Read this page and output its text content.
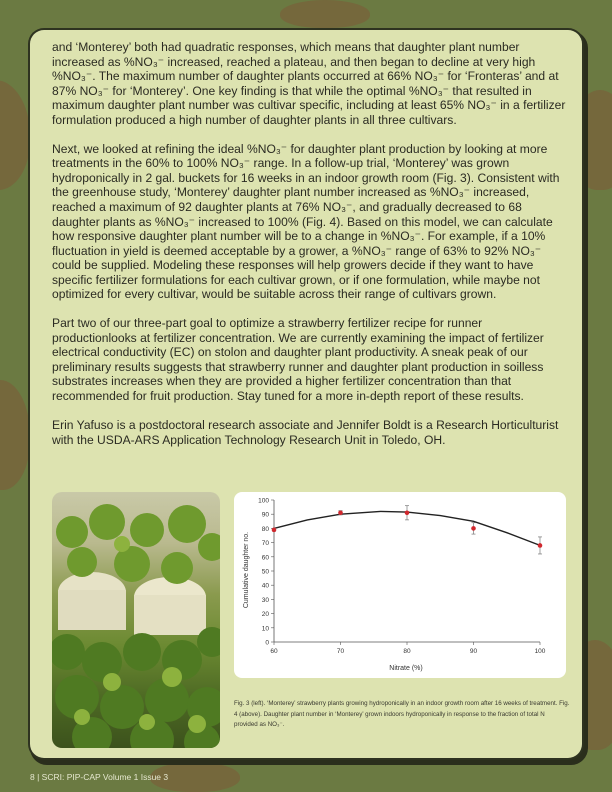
and ‘Monterey’ both had quadratic responses, which means that daughter plant number increased as %NO₃⁻ increased, reached a plateau, and then began to decline at very high %NO₃⁻. The maximum number of daughter plants occurred at 66% NO₃⁻ for ‘Fronteras’ and at 87% NO₃⁻ for ‘Monterey’. One key finding is that while the optimal %NO₃⁻ that resulted in maximum daughter plant number was cultivar specific, including at least 65% NO₃⁻ in a fertilizer formulation produced a high number of daughter plants in all three cultivars.

Next, we looked at refining the ideal %NO₃⁻ for daughter plant production by looking at more treatments in the 60% to 100% NO₃⁻ range. In a follow-up trial, ‘Monterey’ was grown hydroponically in 2 gal. buckets for 16 weeks in an indoor growth room (Fig. 3). Consistent with the greenhouse study, ‘Monterey’ daughter plant number increased as %NO₃⁻ increased, reached a maximum of 92 daughter plants at 76% NO₃⁻, and gradually decreased to 68 daughter plants as %NO₃⁻ increased to 100% (Fig. 4). Based on this model, we can calculate how responsive daughter plant number will be to a change in %NO₃⁻. For example, if a 10% fluctuation in yield is deemed acceptable by a grower, a %NO₃⁻ range of 63% to 92% NO₃⁻ could be supplied. Modeling these responses will help growers decide if they want to have specific fertilizer formulations for each cultivar grown, or if one formulation, while maybe not optimized for every cultivar, would be suitable across their range of cultivars grown.

Part two of our three-part goal to optimize a strawberry fertilizer recipe for runner productionlooks at fertilizer concentration. We are currently examining the impact of fertilizer electrical conductivity (EC) on stolon and daughter plant productivity. A sneak peak of our preliminary results suggests that strawberry runner and daughter plant production in soilless substrates increases when they are provided a higher fertilizer concentration than that recommended for fruit production. Stay tuned for a more in-depth report of these results.

Erin Yafuso is a postdoctoral research associate and Jennifer Boldt is a Research Horticulturist with the USDA-ARS Application Technology Research Unit in Toledo, OH.

0
10
20
30
40
50
60
70
80
90
100
60	70	80	90	100
Nitrate (%)
Cumulative daughter no.
Fig. 3 (left). ‘Monterey’ strawberry plants growing hydroponically in an indoor growth room after 16 weeks of treatment. Fig. 4 (above). Daughter plant number in ‘Monterey’ grown indoors hydroponically in response to the fraction of total N provided as NO₃⁻.
8 | SCRI: PIP-CAP Volume 1 Issue 3
